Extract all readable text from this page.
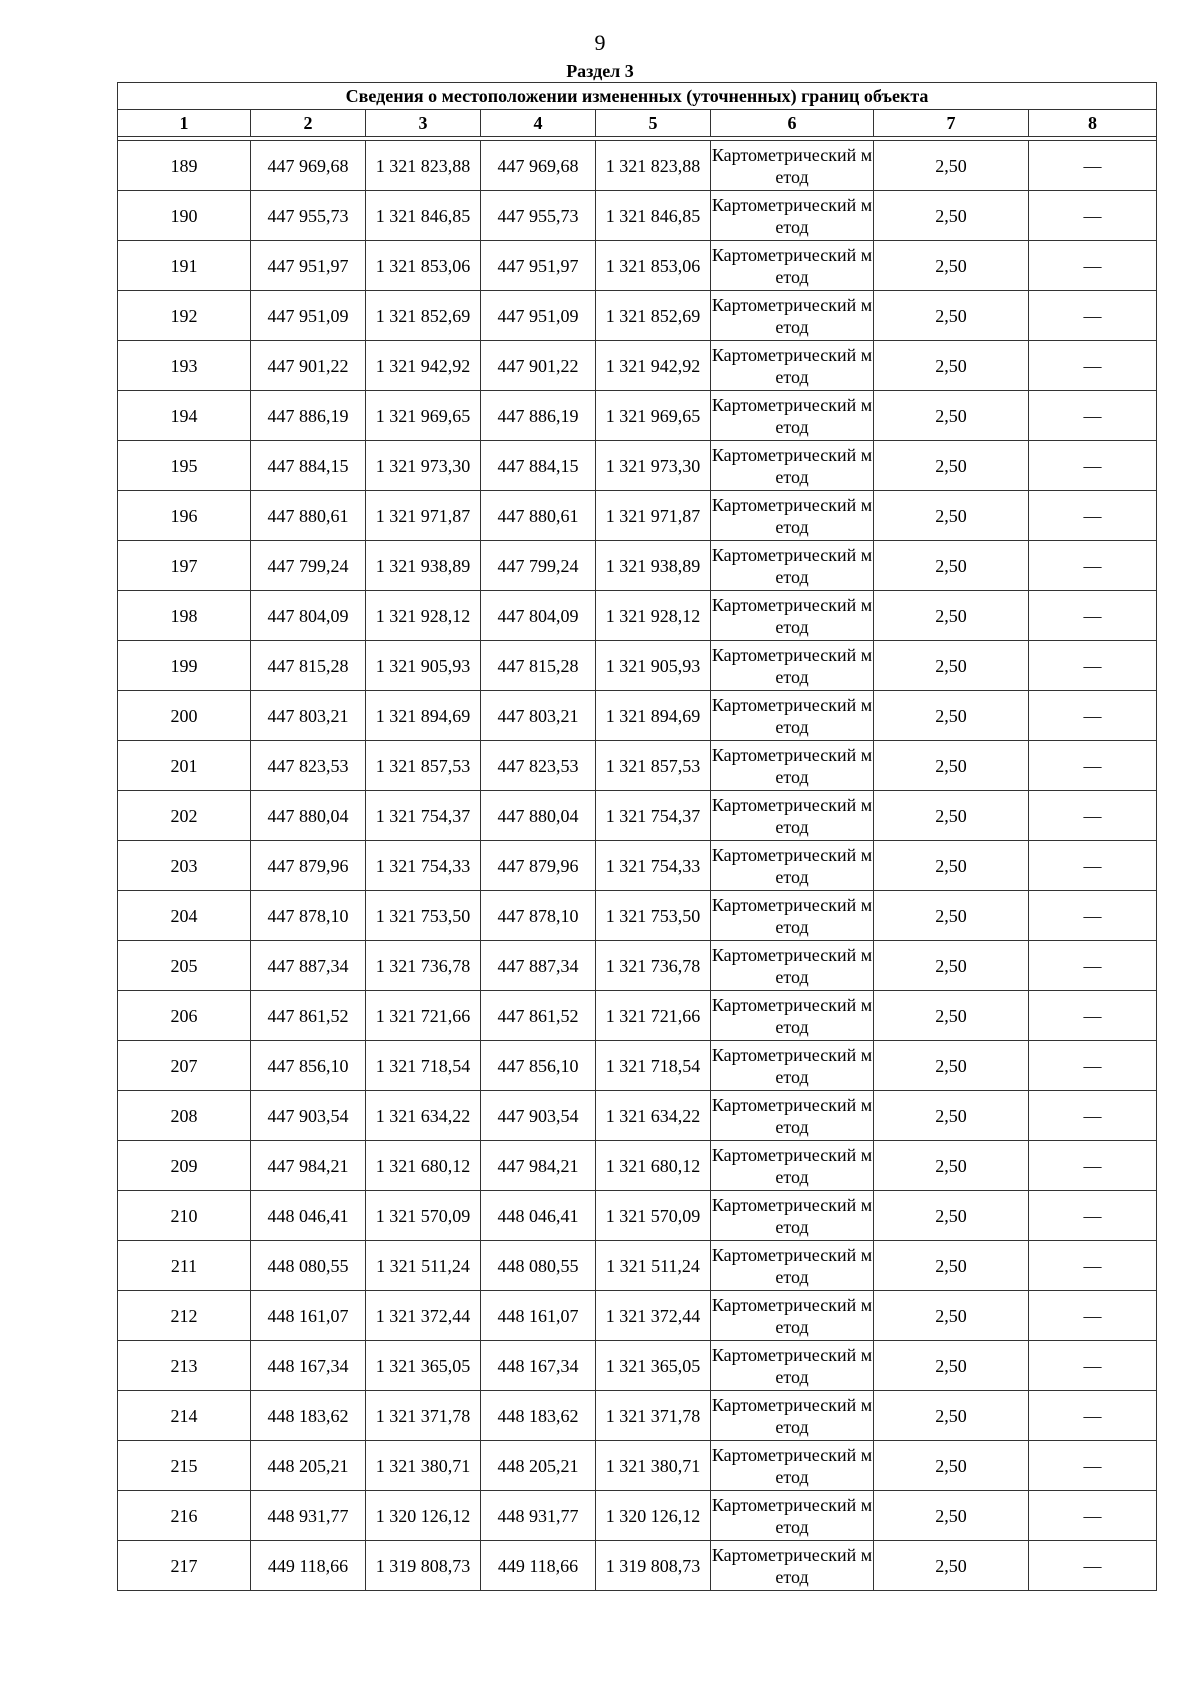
9
Раздел 3
Сведения о местоположении измененных (уточненных) границ объекта							
1	2	3	4	5	6	7	8

189	447 969,68	1 321 823,88	447 969,68	1 321 823,88	Картометрический метод	2,50	—
190	447 955,73	1 321 846,85	447 955,73	1 321 846,85	Картометрический метод	2,50	—
191	447 951,97	1 321 853,06	447 951,97	1 321 853,06	Картометрический метод	2,50	—
192	447 951,09	1 321 852,69	447 951,09	1 321 852,69	Картометрический метод	2,50	—
193	447 901,22	1 321 942,92	447 901,22	1 321 942,92	Картометрический метод	2,50	—
194	447 886,19	1 321 969,65	447 886,19	1 321 969,65	Картометрический метод	2,50	—
195	447 884,15	1 321 973,30	447 884,15	1 321 973,30	Картометрический метод	2,50	—
196	447 880,61	1 321 971,87	447 880,61	1 321 971,87	Картометрический метод	2,50	—
197	447 799,24	1 321 938,89	447 799,24	1 321 938,89	Картометрический метод	2,50	—
198	447 804,09	1 321 928,12	447 804,09	1 321 928,12	Картометрический метод	2,50	—
199	447 815,28	1 321 905,93	447 815,28	1 321 905,93	Картометрический метод	2,50	—
200	447 803,21	1 321 894,69	447 803,21	1 321 894,69	Картометрический метод	2,50	—
201	447 823,53	1 321 857,53	447 823,53	1 321 857,53	Картометрический метод	2,50	—
202	447 880,04	1 321 754,37	447 880,04	1 321 754,37	Картометрический метод	2,50	—
203	447 879,96	1 321 754,33	447 879,96	1 321 754,33	Картометрический метод	2,50	—
204	447 878,10	1 321 753,50	447 878,10	1 321 753,50	Картометрический метод	2,50	—
205	447 887,34	1 321 736,78	447 887,34	1 321 736,78	Картометрический метод	2,50	—
206	447 861,52	1 321 721,66	447 861,52	1 321 721,66	Картометрический метод	2,50	—
207	447 856,10	1 321 718,54	447 856,10	1 321 718,54	Картометрический метод	2,50	—
208	447 903,54	1 321 634,22	447 903,54	1 321 634,22	Картометрический метод	2,50	—
209	447 984,21	1 321 680,12	447 984,21	1 321 680,12	Картометрический метод	2,50	—
210	448 046,41	1 321 570,09	448 046,41	1 321 570,09	Картометрический метод	2,50	—
211	448 080,55	1 321 511,24	448 080,55	1 321 511,24	Картометрический метод	2,50	—
212	448 161,07	1 321 372,44	448 161,07	1 321 372,44	Картометрический метод	2,50	—
213	448 167,34	1 321 365,05	448 167,34	1 321 365,05	Картометрический метод	2,50	—
214	448 183,62	1 321 371,78	448 183,62	1 321 371,78	Картометрический метод	2,50	—
215	448 205,21	1 321 380,71	448 205,21	1 321 380,71	Картометрический метод	2,50	—
216	448 931,77	1 320 126,12	448 931,77	1 320 126,12	Картометрический метод	2,50	—
217	449 118,66	1 319 808,73	449 118,66	1 319 808,73	Картометрический метод	2,50	—
